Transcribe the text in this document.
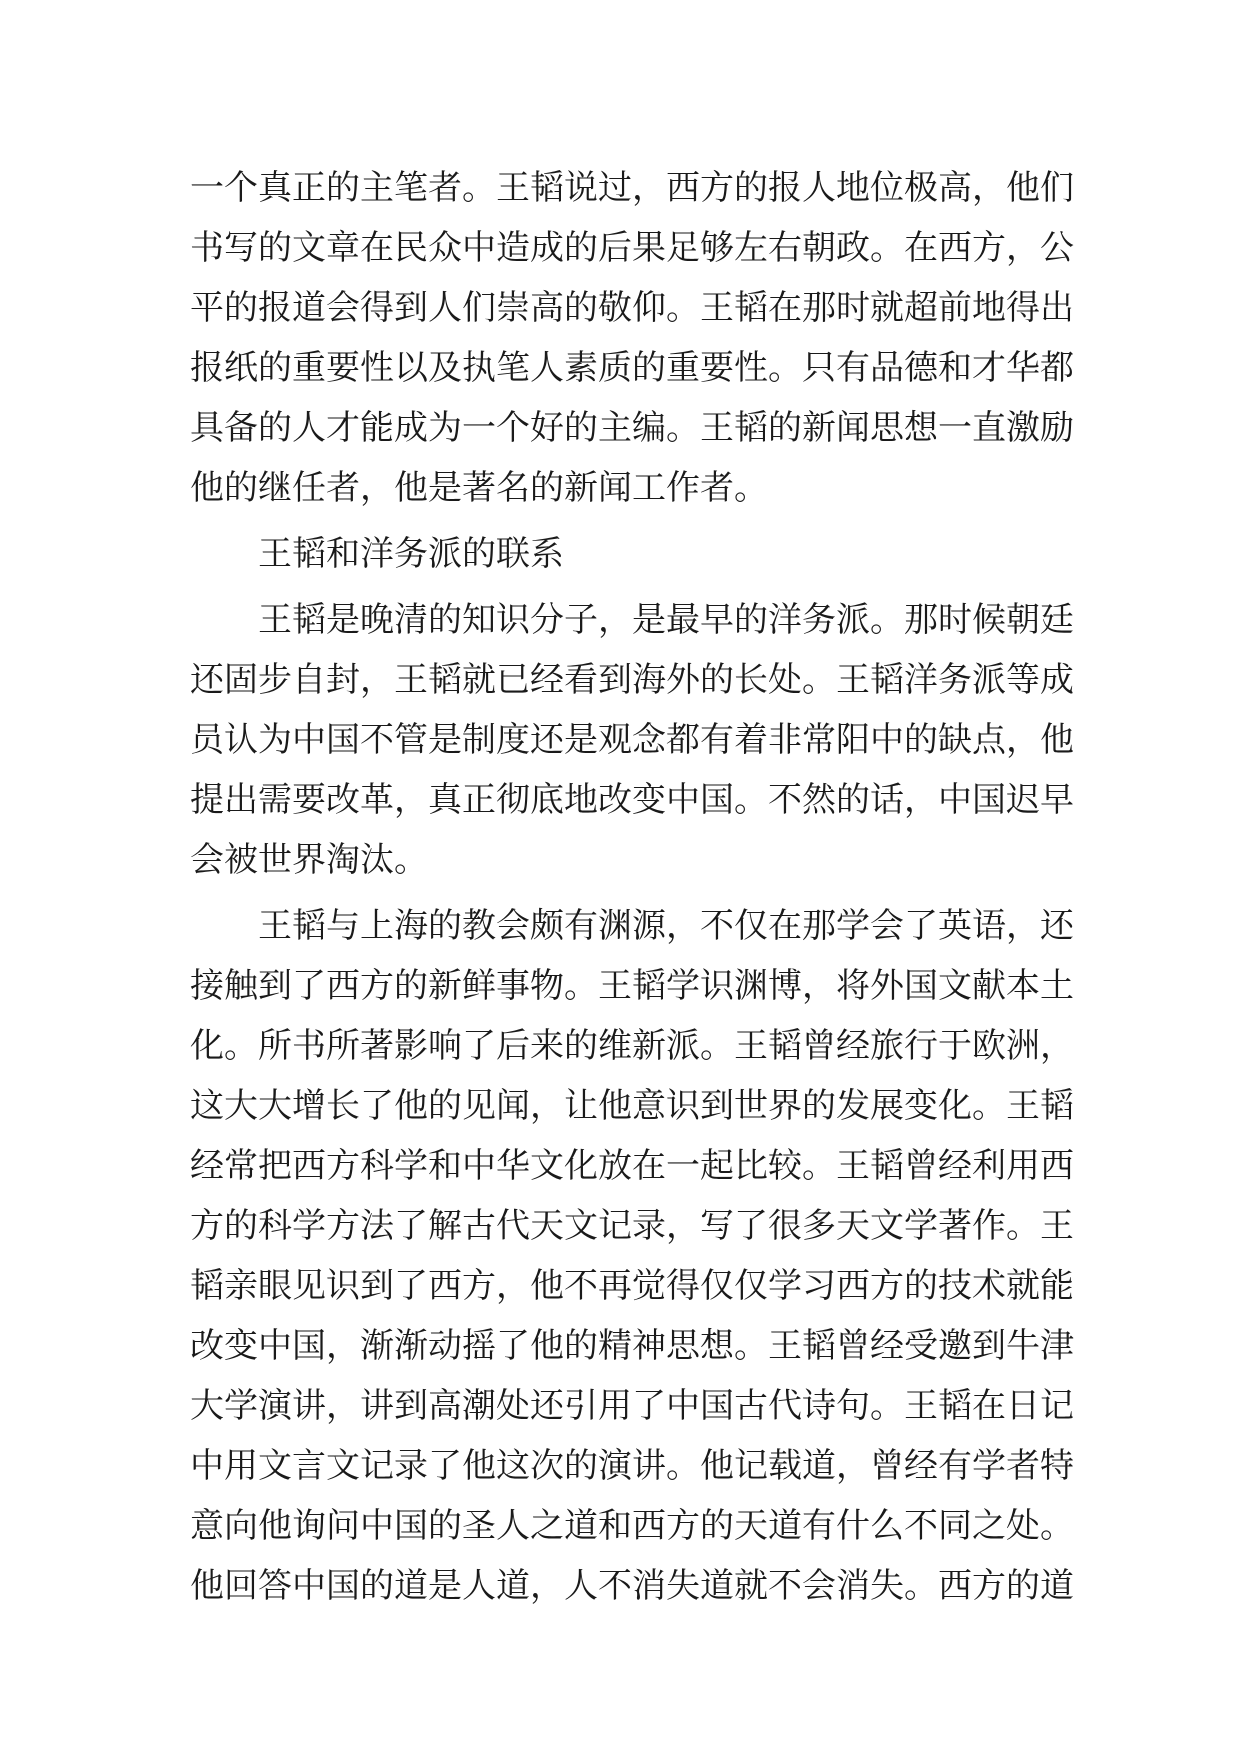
一个真正的主笔者。王韬说过，西方的报人地位极高，他们
书写的文章在民众中造成的后果足够左右朝政。在西方，公
平的报道会得到人们崇高的敬仰。王韬在那时就超前地得出
报纸的重要性以及执笔人素质的重要性。只有品德和才华都
具备的人才能成为一个好的主编。王韬的新闻思想一直激励
他的继任者，他是著名的新闻工作者。
王韬和洋务派的联系
王韬是晚清的知识分子，是最早的洋务派。那时候朝廷
还固步自封，王韬就已经看到海外的长处。王韬洋务派等成
员认为中国不管是制度还是观念都有着非常阳中的缺点，他
提出需要改革，真正彻底地改变中国。不然的话，中国迟早
会被世界淘汰。
王韬与上海的教会颇有渊源，不仅在那学会了英语，还
接触到了西方的新鲜事物。王韬学识渊博，将外国文献本土
化。所书所著影响了后来的维新派。王韬曾经旅行于欧洲，
这大大增长了他的见闻，让他意识到世界的发展变化。王韬
经常把西方科学和中华文化放在一起比较。王韬曾经利用西
方的科学方法了解古代天文记录，写了很多天文学著作。王
韬亲眼见识到了西方，他不再觉得仅仅学习西方的技术就能
改变中国，渐渐动摇了他的精神思想。王韬曾经受邀到牛津
大学演讲，讲到高潮处还引用了中国古代诗句。王韬在日记
中用文言文记录了他这次的演讲。他记载道，曾经有学者特
意向他询问中国的圣人之道和西方的天道有什么不同之处。
他回答中国的道是人道，人不消失道就不会消失。西方的道
